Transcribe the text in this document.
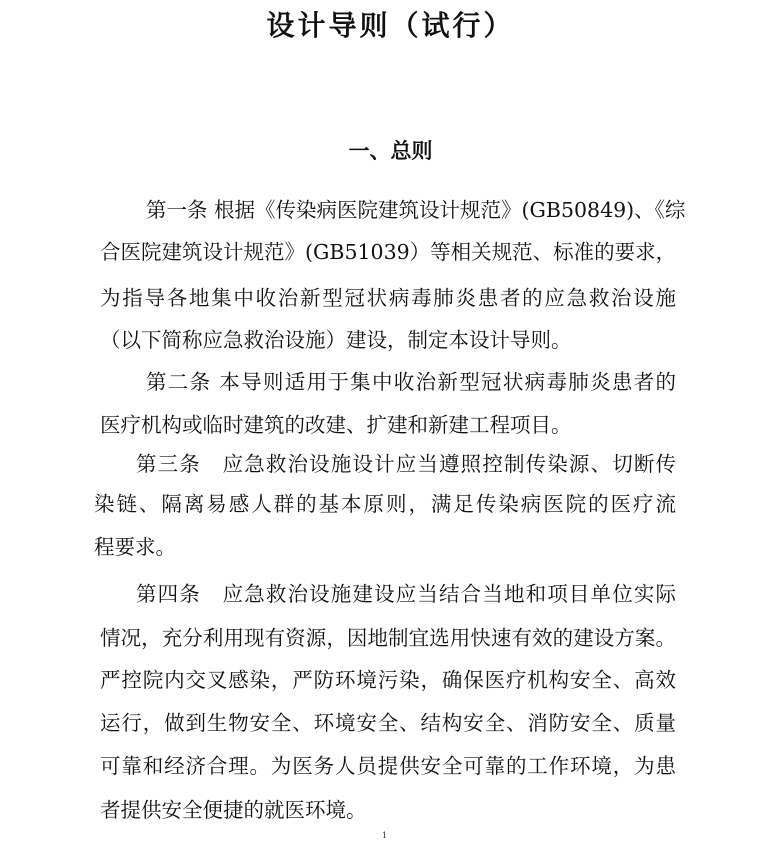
设计导则（试行）
一、总则
第一条 根据《传染病医院建筑设计规范》(GB50849)、《综
合医院建筑设计规范》(GB51039）等相关规范、标准的要求，
为指导各地集中收治新型冠状病毒肺炎患者的应急救治设施
（以下简称应急救治设施）建设，制定本设计导则。
第二条 本导则适用于集中收治新型冠状病毒肺炎患者的
医疗机构或临时建筑的改建、扩建和新建工程项目。
第三条　应急救治设施设计应当遵照控制传染源、切断传
染链、隔离易感人群的基本原则，满足传染病医院的医疗流
程要求。
第四条　应急救治设施建设应当结合当地和项目单位实际
情况，充分利用现有资源，因地制宜选用快速有效的建设方案。
严控院内交叉感染，严防环境污染，确保医疗机构安全、高效
运行，做到生物安全、环境安全、结构安全、消防安全、质量
可靠和经济合理。为医务人员提供安全可靠的工作环境，为患
者提供安全便捷的就医环境。
1
